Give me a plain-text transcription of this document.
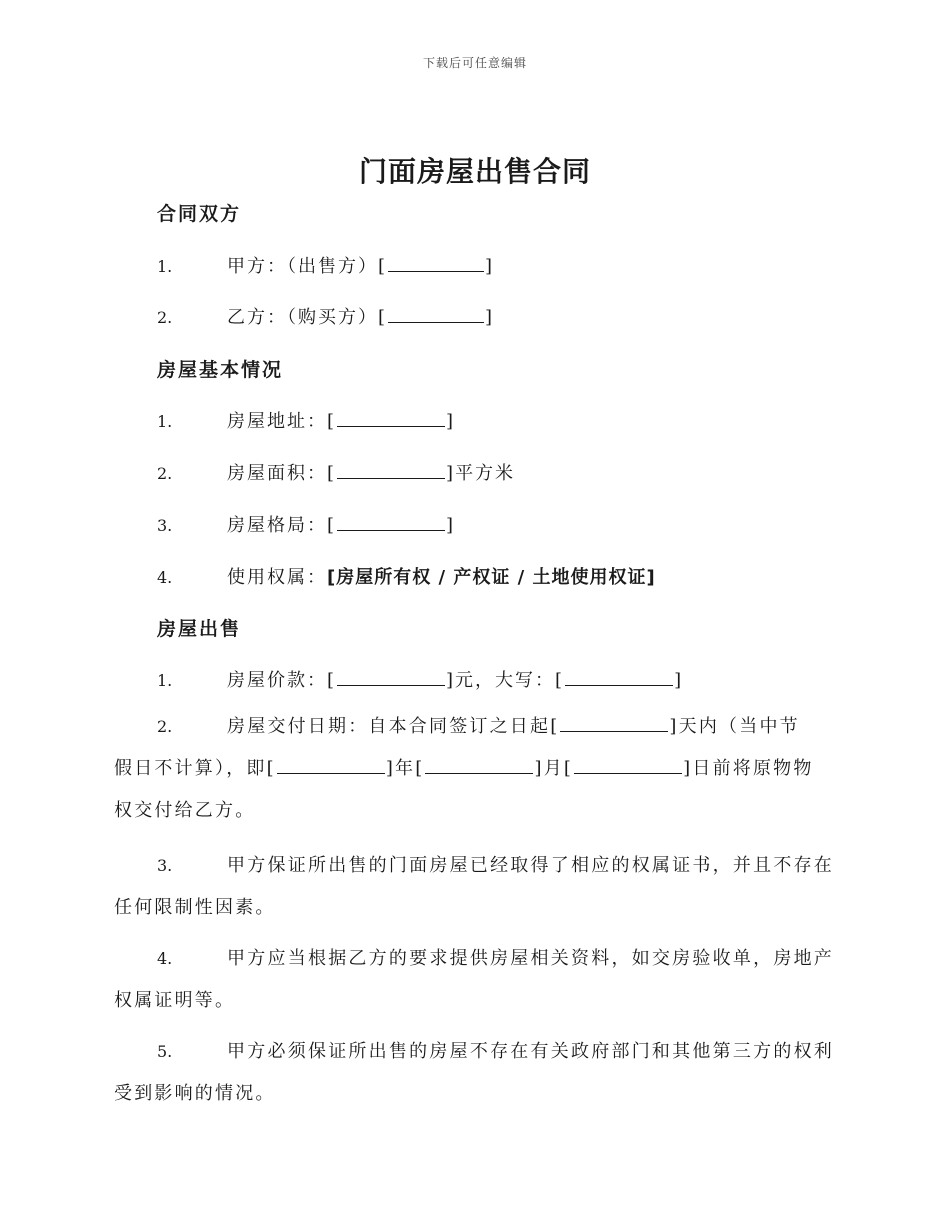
下载后可任意编辑
门面房屋出售合同
合同双方
1.	甲方：（出售方）[	]
2.	乙方：（购买方）[	]
房屋基本情况
1.	房屋地址：[	]
2.	房屋面积：[	]平方米
3.	房屋格局：[	]
4.	使用权属：[房屋所有权 / 产权证 / 土地使用权证]
房屋出售
1.	房屋价款：[	]元，大写：[	]
2.	房屋交付日期：自本合同签订之日起[	]天内（当中节
假日不计算），即[	]年[	]月[	]日前将原物物
权交付给乙方。
3.	甲方保证所出售的门面房屋已经取得了相应的权属证书，并且不存在任何限制性因素。
4.	甲方应当根据乙方的要求提供房屋相关资料，如交房验收单，房地产权属证明等。
5.	甲方必须保证所出售的房屋不存在有关政府部门和其他第三方的权利受到影响的情况。
